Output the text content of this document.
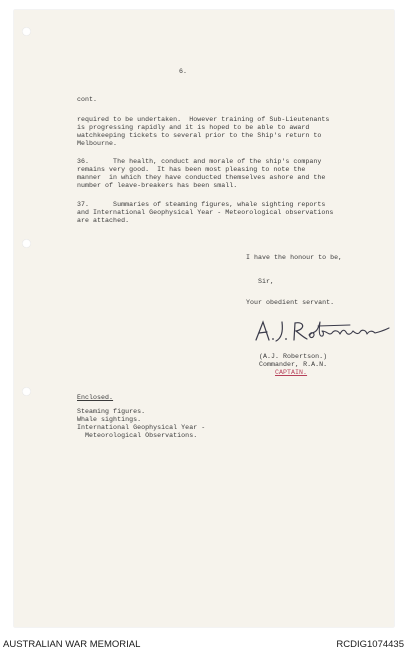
6.
cont.
required to be undertaken.  However training of Sub-Lieutenants
is progressing rapidly and it is hoped to be able to award
watchkeeping tickets to several prior to the Ship's return to
Melbourne.
36.      The health, conduct and morale of the ship's company
remains very good.  It has been most pleasing to note the
manner  in which they have conducted themselves ashore and the
number of leave-breakers has been small.
37.      Summaries of steaming figures, whale sighting reports
and International Geophysical Year - Meteorological observations
are attached.
I have the honour to be,
Sir,
Your obedient servant.
(A.J. Robertson.)
Commander, R.A.N.
CAPTAIN.
Enclosed.
Steaming figures.
Whale sightings.
International Geophysical Year -
Meteorological Observations.
AUSTRALIAN WAR MEMORIAL	RCDIG1074435
